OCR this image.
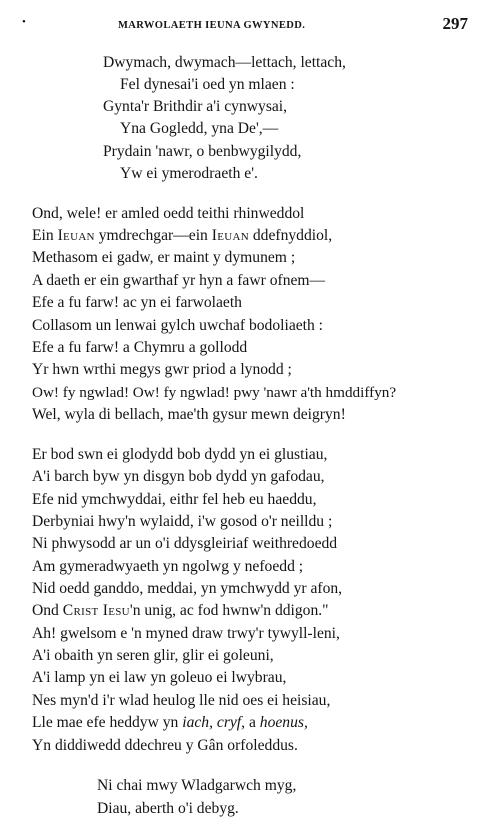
•	MARWOLAETH IEUNA GWYNEDD.	297
Dwymach, dwymach—lettach, lettach,
Fel dynesai'i oed yn mlaen :
Gynta'r Brithdir a'i cynwysai,
Yna Gogledd, yna De',—
Prydain 'nawr, o benbwygilydd,
Yw ei ymerodraeth e'.
Ond, wele! er amled oedd teithi rhinweddol
Ein Ieuan ymdrechgar—ein Ieuan ddefnyddiol,
Methasom ei gadw, er maint y dymunem ;
A daeth er ein gwarthaf yr hyn a fawr ofnem—
Efe a fu farw! ac yn ei farwolaeth
Collasom un lenwai gylch uwchaf bodoliaeth :
Efe a fu farw! a Chymru a gollodd
Yr hwn wrthi megys gwr priod a lynodd ;
Ow! fy ngwlad! Ow! fy ngwlad! pwy 'nawr a'th hmddiffyn?
Wel, wyla di bellach, mae'th gysur mewn deigryn!
Er bod swn ei glodydd bob dydd yn ei glustiau,
A'i barch byw yn disgyn bob dydd yn gafodau,
Efe nid ymchwyddai, eithr fel heb eu haeddu,
Derbyniai hwy'n wylaidd, i'w gosod o'r neilldu ;
Ni phwysodd ar un o'i ddysgleiriaf weithredoedd
Am gymeradwyaeth yn ngolwg y nefoedd ;
Nid oedd ganddo, meddai, yn ymchwydd yr afon,
Ond Crist Iesu'n unig, ac fod hwnw'n ddigon."
Ah! gwelsom e 'n myned draw trwy'r tywyll-leni,
A'i obaith yn seren glir, glir ei goleuni,
A'i lamp yn ei law yn goleuo ei lwybrau,
Nes myn'd i'r wlad heulog lle nid oes ei heisiau,
Lle mae efe heddyw yn iach, cryf, a hoenus,
Yn diddiwedd ddechreu y Gân orfoleddus.
Ni chai mwy Wladgarwch myg,
Diau, aberth o'i debyg.
